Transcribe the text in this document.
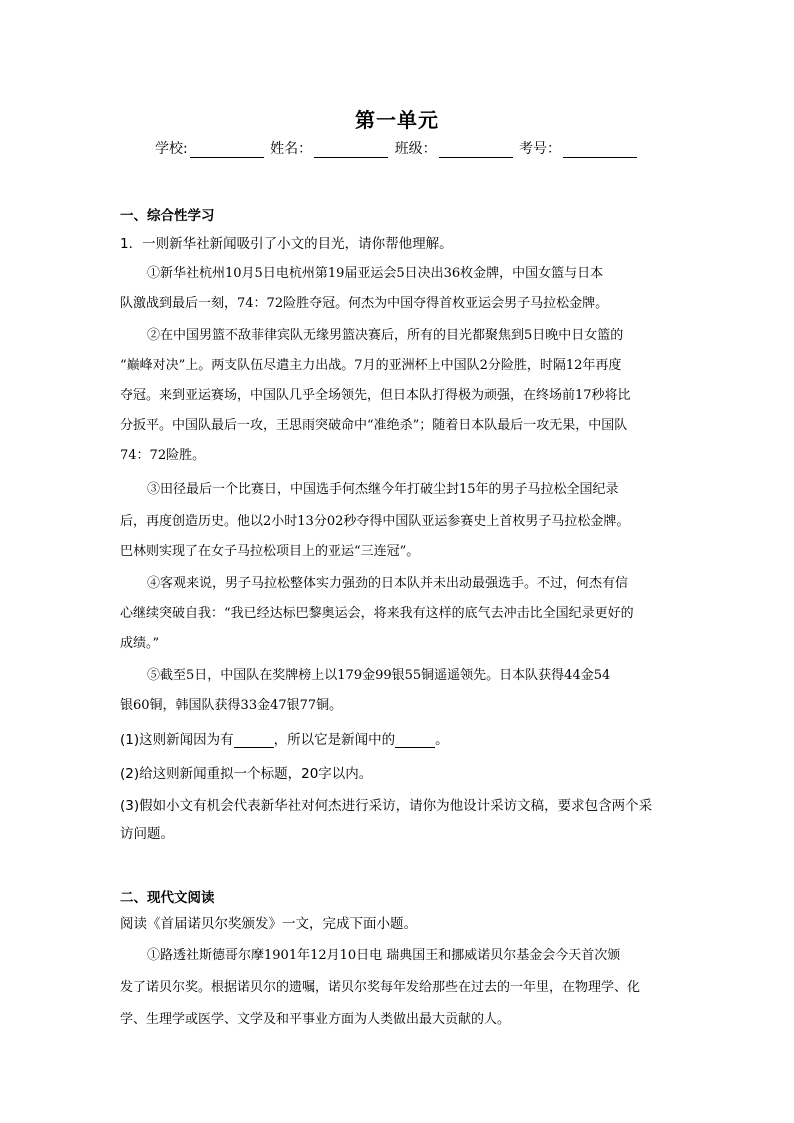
第一单元
学校:	姓名：	班级：	考号：
一、综合性学习
1．一则新华社新闻吸引了小文的目光，请你帮他理解。
①新华社杭州10月5日电杭州第19届亚运会5日决出36枚金牌，中国女篮与日本
队激战到最后一刻，74：72险胜夺冠。何杰为中国夺得首枚亚运会男子马拉松金牌。
②在中国男篮不敌菲律宾队无缘男篮决赛后，所有的目光都聚焦到5日晚中日女篮的
“巅峰对决”上。两支队伍尽遣主力出战。7月的亚洲杯上中国队2分险胜，时隔12年再度
夺冠。来到亚运赛场，中国队几乎全场领先，但日本队打得极为顽强，在终场前17秒将比
分扳平。中国队最后一攻，王思雨突破命中“准绝杀”；随着日本队最后一攻无果，中国队
74：72险胜。
③田径最后一个比赛日，中国选手何杰继今年打破尘封15年的男子马拉松全国纪录
后，再度创造历史。他以2小时13分02秒夺得中国队亚运参赛史上首枚男子马拉松金牌。
巴林则实现了在女子马拉松项目上的亚运“三连冠”。
④客观来说，男子马拉松整体实力强劲的日本队并未出动最强选手。不过，何杰有信
心继续突破自我：“我已经达标巴黎奥运会，将来我有这样的底气去冲击比全国纪录更好的
成绩。”
⑤截至5日，中国队在奖牌榜上以179金99银55铜遥遥领先。日本队获得44金54
银60铜，韩国队获得33金47银77铜。
(1)这则新闻因为有	，所以它是新闻中的	。
(2)给这则新闻重拟一个标题，20字以内。
(3)假如小文有机会代表新华社对何杰进行采访，请你为他设计采访文稿，要求包含两个采
访问题。
二、现代文阅读
阅读《首届诺贝尔奖颁发》一文，完成下面小题。
①路透社斯德哥尔摩1901年12月10日电 瑞典国王和挪威诺贝尔基金会今天首次颁
发了诺贝尔奖。根据诺贝尔的遗嘱，诺贝尔奖每年发给那些在过去的一年里，在物理学、化
学、生理学或医学、文学及和平事业方面为人类做出最大贡献的人。
